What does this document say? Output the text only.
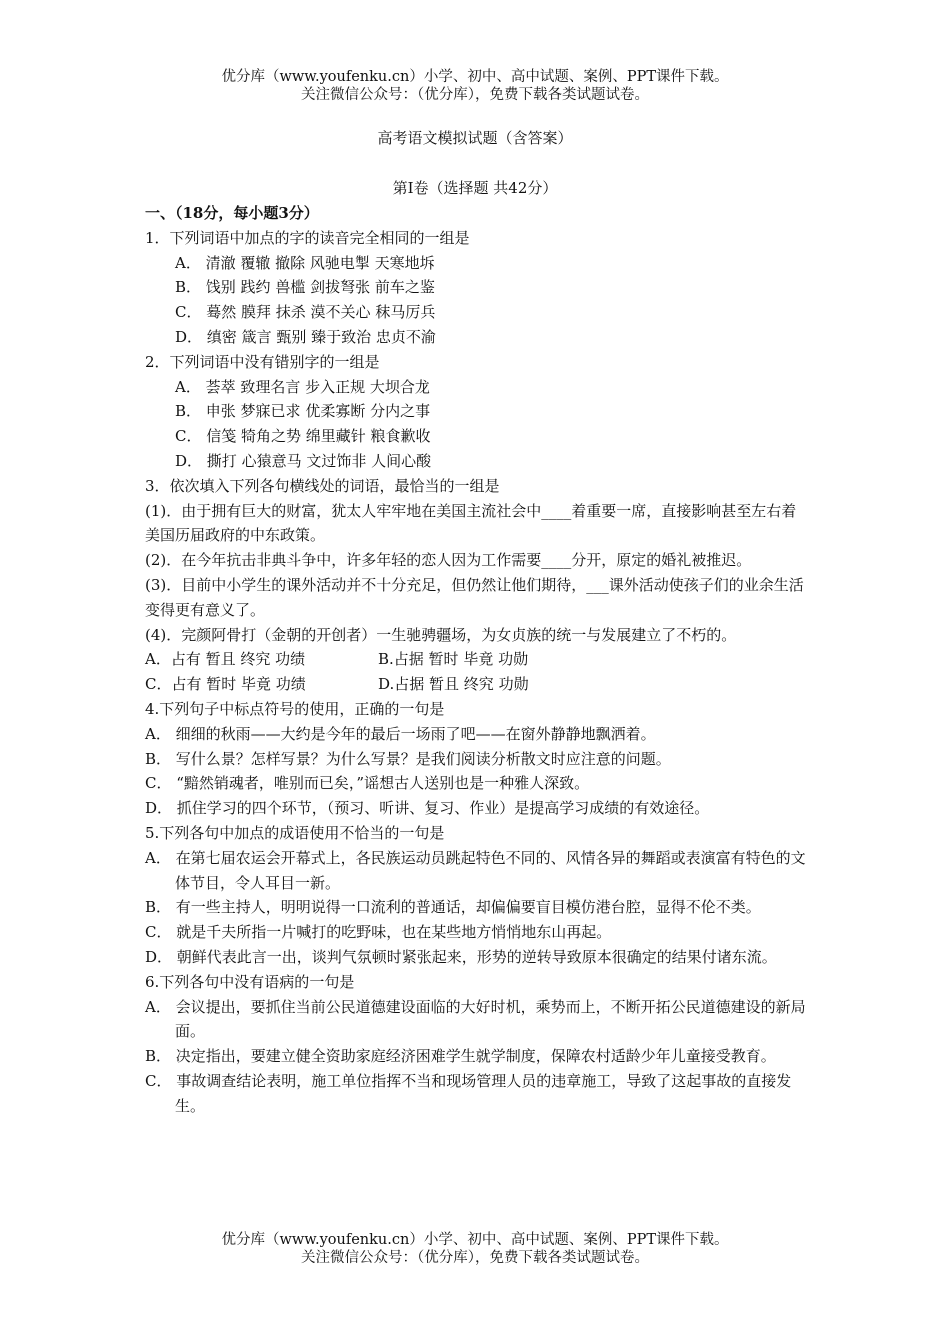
优分库（www.youfenku.cn）小学、初中、高中试题、案例、PPT课件下载。
关注微信公众号：（优分库），免费下载各类试题试卷。
高考语文模拟试题（含答案）
第Ⅰ卷（选择题 共42分）

一、（18分，每小题3分）

1．下列词语中加点的字的读音完全相同的一组是

A． 清澈 覆辙 撤除 风驰电掣 天寒地坼

B． 饯别 践约 兽槛 剑拔弩张 前车之鉴

C． 蓦然 膜拜 抹杀 漠不关心 秣马厉兵

D． 缜密 箴言 甄别 臻于致治 忠贞不渝

2．下列词语中没有错别字的一组是

A． 荟萃 致理名言 步入正规 大坝合龙

B． 申张 梦寐已求 优柔寡断 分内之事

C． 信笺 犄角之势 绵里藏针 粮食歉收

D． 撕打 心猿意马 文过饰非 人间心酸

3．依次填入下列各句横线处的词语，最恰当的一组是

(1)．由于拥有巨大的财富，犹太人牢牢地在美国主流社会中____着重要一席，直接影响甚至左右着美国历届政府的中东政策。

(2)．在今年抗击非典斗争中，许多年轻的恋人因为工作需要____分开，原定的婚礼被推迟。

(3)．目前中小学生的课外活动并不十分充足，但仍然让他们期待，___课外活动使孩子们的业余生活变得更有意义了。

(4)．完颜阿骨打（金朝的开创者）一生驰骋疆场，为女贞族的统一与发展建立了不朽的。

A．占有 暂且 终究 功绩	B.占据 暂时 毕竟 功勋

C．占有 暂时 毕竟 功绩	D.占据 暂且 终究 功勋

4.下列句子中标点符号的使用，正确的一句是

A． 细细的秋雨——大约是今年的最后一场雨了吧——在窗外静静地飘洒着。

B． 写什么景？怎样写景？为什么写景？是我们阅读分析散文时应注意的问题。

C． “黯然销魂者，唯别而已矣，”谣想古人送别也是一种雅人深致。

D． 抓住学习的四个环节，（预习、听讲、复习、作业）是提高学习成绩的有效途径。

5.下列各句中加点的成语使用不恰当的一句是

A． 在第七届农运会开幕式上，各民族运动员跳起特色不同的、风情各异的舞蹈或表演富有特色的文体节目，令人耳目一新。

B． 有一些主持人，明明说得一口流利的普通话，却偏偏要盲目模仿港台腔，显得不伦不类。

C． 就是千夫所指一片喊打的吃野味，也在某些地方悄悄地东山再起。

D． 朝鲜代表此言一出，谈判气氛顿时紧张起来，形势的逆转导致原本很确定的结果付诸东流。

6.下列各句中没有语病的一句是

A． 会议提出，要抓住当前公民道德建设面临的大好时机，乘势而上，不断开拓公民道德建设的新局面。

B． 决定指出，要建立健全资助家庭经济困难学生就学制度，保障农村适龄少年儿童接受教育。

C． 事故调查结论表明，施工单位指挥不当和现场管理人员的违章施工，导致了这起事故的直接发生。

优分库（www.youfenku.cn）小学、初中、高中试题、案例、PPT课件下载。
关注微信公众号：（优分库），免费下载各类试题试卷。
